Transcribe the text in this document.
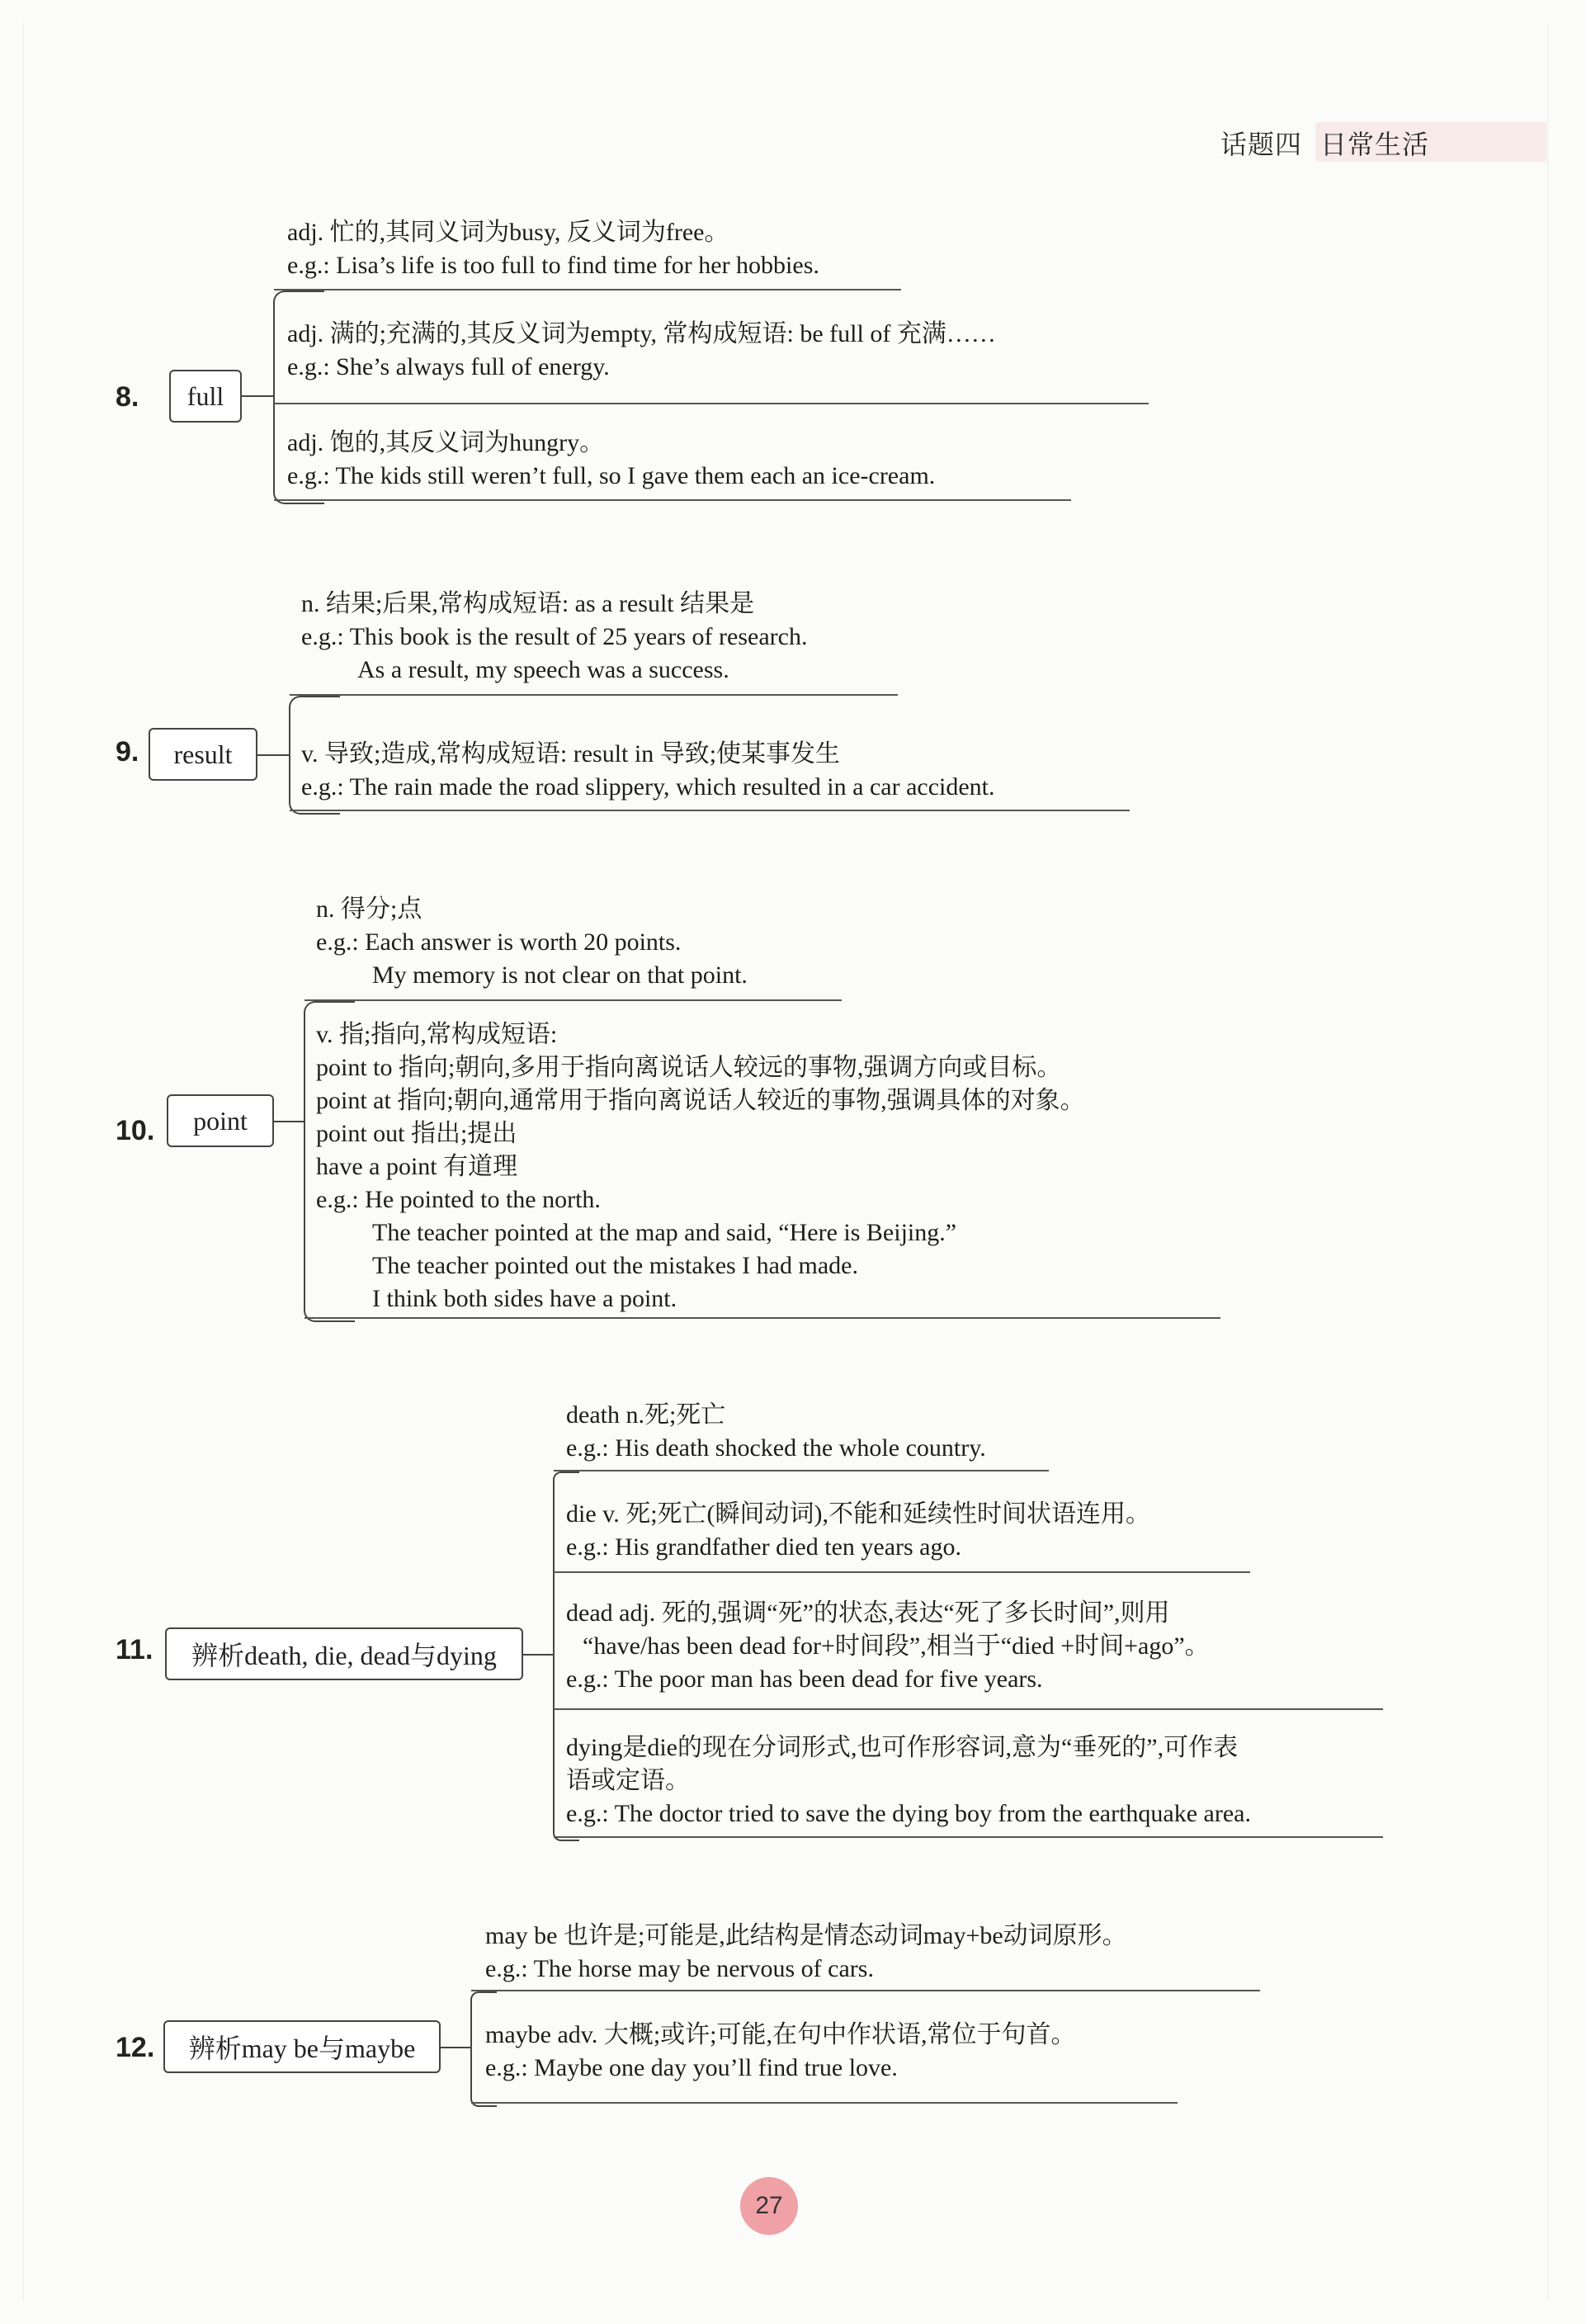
话题四 日常生活
8.	full
adj. 忙的,其同义词为busy, 反义词为free。
e.g.: Lisa’s life is too full to find time for her hobbies.
adj. 满的;充满的,其反义词为empty, 常构成短语: be full of 充满……
e.g.: She’s always full of energy.
adj. 饱的,其反义词为hungry。
e.g.: The kids still weren’t full, so I gave them each an ice-cream.
9.	result
n. 结果;后果,常构成短语: as a result 结果是
e.g.: This book is the result of 25 years of research.
As a result, my speech was a success.
v. 导致;造成,常构成短语: result in 导致;使某事发生
e.g.: The rain made the road slippery, which resulted in a car accident.
10.	point
n. 得分;点
e.g.: Each answer is worth 20 points.
My memory is not clear on that point.
v. 指;指向,常构成短语:
point to 指向;朝向,多用于指向离说话人较远的事物,强调方向或目标。
point at 指向;朝向,通常用于指向离说话人较近的事物,强调具体的对象。
point out 指出;提出
have a point 有道理
e.g.: He pointed to the north.
The teacher pointed at the map and said, “Here is Beijing.”
The teacher pointed out the mistakes I had made.
I think both sides have a point.
11.	辨析death, die, dead与dying
death n.死;死亡
e.g.: His death shocked the whole country.
die v. 死;死亡(瞬间动词),不能和延续性时间状语连用。
e.g.: His grandfather died ten years ago.
dead adj. 死的,强调“死”的状态,表达“死了多长时间”,则用
“have/has been dead for+时间段”,相当于“died +时间+ago”。
e.g.: The poor man has been dead for five years.
dying是die的现在分词形式,也可作形容词,意为“垂死的”,可作表
语或定语。
e.g.: The doctor tried to save the dying boy from the earthquake area.
12.	辨析may be与maybe
may be 也许是;可能是,此结构是情态动词may+be动词原形。
e.g.: The horse may be nervous of cars.
maybe adv. 大概;或许;可能,在句中作状语,常位于句首。
e.g.: Maybe one day you’ll find true love.
27
